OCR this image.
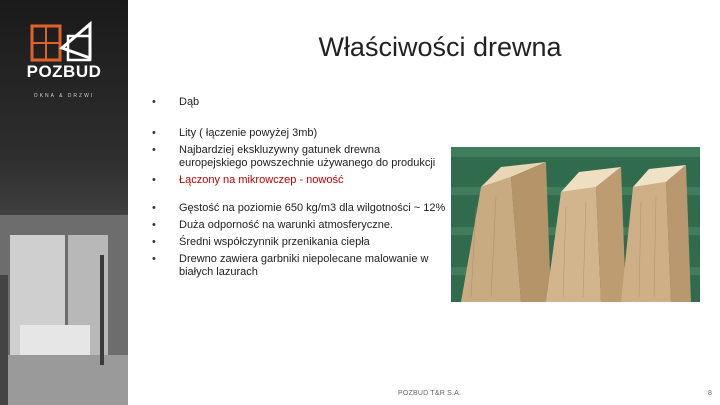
POZBUD
OKNA & DRZWI
Właściwości drewna
• Dąb
• Lity ( łączenie powyżej 3mb)
• Najbardziej ekskluzywny gatunek drewna europejskiego powszechnie używanego do produkcji
• Łączony na mikrowczep - nowość
• Gęstość na poziomie 650 kg/m3 dla wilgotności ~ 12%
• Duża odporność na warunki atmosferyczne.
• Średni współczynnik przenikania ciepła
• Drewno zawiera garbniki niepolecane malowanie w białych lazurach
POZBUD T&R S.A.	8
